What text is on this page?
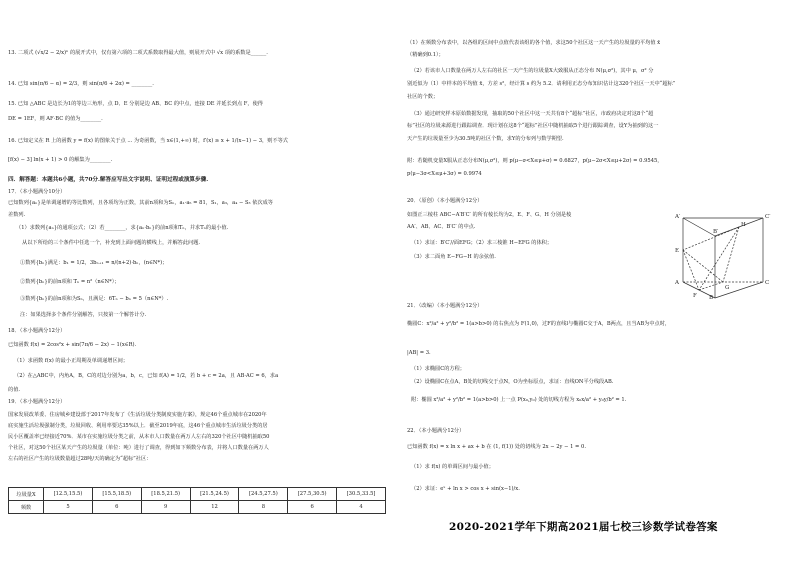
13. 二项式 (√x/2 − 2/x)ⁿ 的展开式中，仅有第六项的二项式系数取得最大值，则展开式中 √x 项的系数是______.
14. 已知 sin(π/6 − α) = 2/3，则 sin(π/6 + 2α) = ________.
15. 已知 △ABC 是边长为1的等边三角形，点 D、E 分别是边 AB、BC 的中点，连接 DE 并延长到点 F，使得
DE = 1EF，则 AF·BC 的值为________.
16. 已知定义在 R 上的函数 y = f(x) 的图象关于点 ... 为奇函数，当 x∈(1,+∞) 时，f′(x) ≥ x + 1/(x−1) − 3，则不等式
[f(x) − 3] ln(x + 1) > 0 的解集为________.
四．解答题：本题共6小题，共70分.解答应写出文字说明、证明过程或演算步骤.
17．（本小题满分10分）
已知数列{aₙ}是单调递增的等比数列，且各项均为正数，其前n项和为Sₙ，a₁·a₅ = 81，S₁，a₃，a₄ − S₃ 依次成等
差数列.
（1）求数列{aₙ}的通项公式；（2）若________，求{aₙ·bₙ}的前n项和Tₙ，并求Tₙ的最小值.
从以下所给的三个条件中任选一个，补充到上面问题的横线上，并解答此问题.
①数列{bₙ}满足：b₁ = 1/2，3bₙ₊₁ = n/(n+2)·bₙ，(n∈N*)；
②数列{bₙ}的前n项和 Tₙ = n²（n∈N*）；
③数列{bₙ}的前n项和为Sₙ，且满足：6Tₙ − bₙ = 5（n∈N*）.
注：如果选择多个条件分别解答，只按第一个解答计分.
18．（本小题满分12分）
已知函数 f(x) = 2cos²x + sin(7π/6 − 2x) − 1(x∈R).
（1）求函数 f(x) 的最小正周期及单调递增区间；
（2）在△ABC中，内角A，B，C的对边分别为a，b，c，已知 f(A) = 1/2，若 b + c = 2a，且 AB·AC = 6，求a
的值.
19．（本小题满分12分）
国家发展改革委、住房城乡建设部于2017年发布了《生活垃圾分类制度实施方案》，规定46个重点城市在2020年
底实施生活垃圾强制分类，垃圾回收、利用率要达35%以上．截至2019年底，这46个重点城市生活垃圾分类的居
民小区覆盖率已经接近70%．某市在实施垃圾分类之前，从本市人口数量在两万人左右的320个社区中随机抽取50
个社区，对这50个社区某天产生的垃圾量（单位：吨）进行了调查，得到如下频数分布表，并将人口数量在两万人
左右的社区产生的垃圾数量超过28吨/天的确定为“超标”社区：
垃圾量X	[12.5,15.5)	[15.5,18.5)	[18.5,21.5)	[21.5,24.5)	[24.5,27.5)	[27.5,30.5)	[30.5,33.5]
频数	5	6	9	12	8	6	4
（1）在频数分布表中，以各组的区间中点值代表该组的各个值，求这50个社区这一天产生的垃圾量的平均值 x̄
（精确到0.1）；
（2）若该市人口数量在两万人左右的社区一天产生的垃圾量X大致服从正态分布 N(μ,σ²)，其中 μ，σ² 分
别近似为（1）中样本的平均值 x̄，方差 s²，经计算 s 约为 5.2．请利用正态分布知识估计这320个社区一天中“超标”
社区的个数；
（3）通过研究样本原始数据发现，抽取的50个社区中这一天共有8个“超标”社区，市政府决定对这8个“超
标”社区的垃圾来源进行跟踪调查．现计划在这8个“超标”社区中随机抽取5个进行跟踪调查，设Y为抽到的这一
天产生的垃圾量至少为30.5吨的社区个数，求Y的分布列与数学期望.
附：若随机变量X服从正态分布N(μ,σ²)，则 p(μ−σ<X≤μ+σ) = 0.6827，p(μ−2σ<X≤μ+2σ) = 0.9545，
p(μ−3σ<X≤μ+3σ) = 0.9974
20．（原创）（本小题满分12分）
如图正三棱柱 ABC−A′B′C′ 的所有棱长均为2，E、F、G、H 分别是棱
AA′、AB、AC、B′C′ 的中点.
（1）求证：B′C′//面EFG；（2）求三棱锥 H−EFG 的体积；
（3）求二面角 E−FG−H 的余弦值.
A′
B′
C′
H
E
A
B
C
F
G
21．（改编）（本小题满分12分）
椭圆C：x²/a² + y²/b² = 1(a>b>0) 的右焦点为 F(1,0)，过F的直线l与椭圆C交于A，B两点，且当AB为中点时，
|AB| = 3.
（1）求椭圆C的方程；
（2）设椭圆C在点A，B处的切线交于点N，O为坐标原点，求证：直线ON平分线段AB.
附：椭圆 x²/a² + y²/b² = 1(a>b>0) 上一点 P(x₀,y₀) 处的切线方程为 x₀x/a² + y₀y/b² = 1.
22．（本小题满分12分）
已知函数 f(x) = x ln x + ax + b 在 (1, f(1)) 处的切线为 2x − 2y − 1 = 0.
（1）求 f(x) 的单调区间与最小值；
（2）求证：eˣ + ln x > cos x + sin(x−1)/x.
2020-2021学年下期高2021届七校三诊数学试卷答案
